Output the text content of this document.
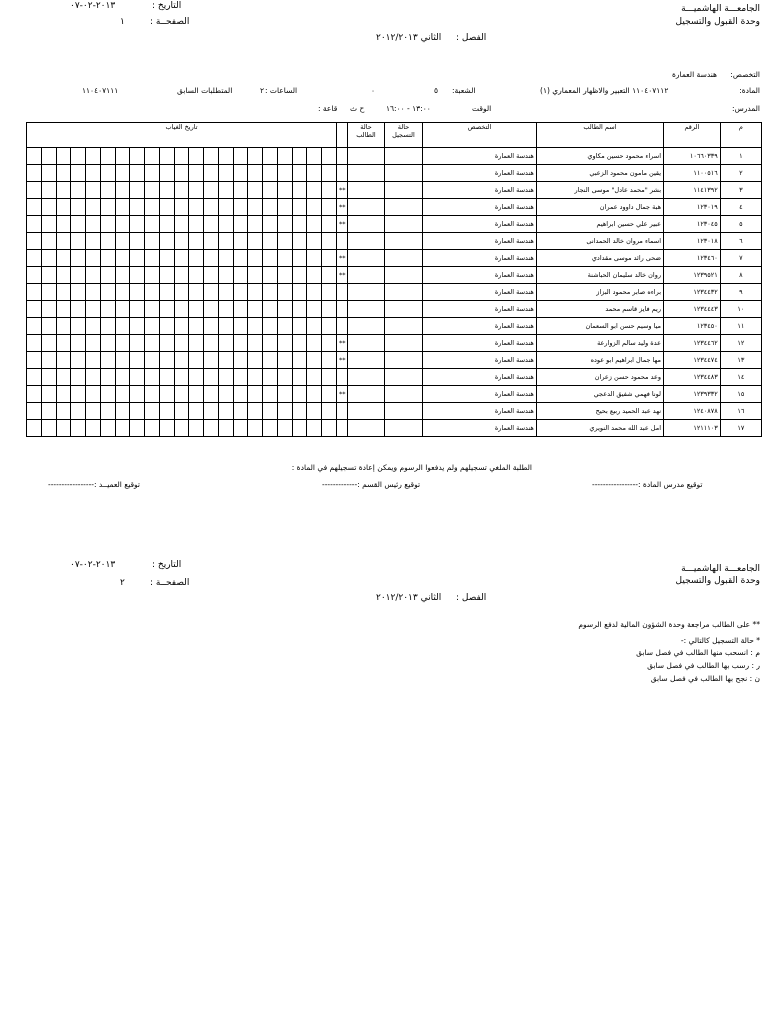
الجامعـــة الهاشميـــة
وحدة القبول والتسجيل
التاريخ :
٢٠١٣-٠٢-٠٧
الصفحــة :
١
الفصل :
الثاني ٢٠١٢/٢٠١٣
التخصص:
هندسة العمارة
المادة:
١١٠٤٠٧١١٢ التعبير والاظهار المعماري (١)
الشعبة:
٥
٠
الساعات :
٢
المتطلبات السابق
١١٠٤٠٧١١١
المدرس:
الوقت
١٣:٠٠ - ١٦:٠٠
ح ث
قاعة :
تاريخ الغياب																						حالة الطالب	حالة التسجيل	التخصص	اسم الطالب	الرقم	م
																								هندسة العمارة	اسراء محمود حسين مكاوي	١٠٦٦٠٣٣٩	١
																								هندسة العمارة	يقين مامون محمود الزعبي	١١٠٠٥١٦	٢
																					**			هندسة العمارة	بشر "محمد عادل" موسى النجار	١١٤١٣٩٢	٣
																					**			هندسة العمارة	هبة جمال داوود عمران	١٢٣٠١٩	٤
																					**			هندسة العمارة	عبير علي حسين ابراهيم	١٢٣٠٤٥	٥
																								هندسة العمارة	اسماء مروان خالد الحمدانى	١٢٣٠١٨	٦
																					**			هندسة العمارة	ضحى رائد موسى مقدادي	١٢٣٤٦٠	٧
																					**			هندسة العمارة	روان خالد سليمان الحباشنة	١٢٣٩٥٢١	٨
																								هندسة العمارة	براءه صابر محمود البزاز	١٢٣٤٤٣٢	٩
																								هندسة العمارة	ريم فايز قاسم محمد	١٢٣٤٤٤٣	١٠
																								هندسة العمارة	ميا وسيم حسن ابو السعمان	١٢٣٤٥٠	١١
																					**			هندسة العمارة	عدة وليد سالم الزوارعة	١٢٣٤٤٦٢	١٢
																					**			هندسة العمارة	مها جمال ابراهيم ابو عوده	١٢٣٤٤٧٤	١٣
																								هندسة العمارة	وعد محمود حسن زعران	١٢٣٤٤٨٣	١٤
																					**			هندسة العمارة	لونا فهمي شفيق الدعجي	١٢٣٩٣٣٢	١٥
																								هندسة العمارة	نهد عبد الحميد ربيع بحيح	١٢٤٠٨٧٨	١٦
																								هندسة العمارة	امل عبد الله محمد النويري	١٢١١١٠٣	١٧
الطلبة الملغي تسجيلهم ولم يدفعوا الرسوم ويمكن إعادة تسجيلهم في المادة :
توقيع مدرس المادة :-----------------
توقيع رئيس القسم :-------------
توقيع العميــد :-----------------
الجامعـــة الهاشميـــة
وحدة القبول والتسجيل
التاريخ :
٢٠١٣-٠٢-٠٧
الصفحــة :
٢
الفصل :
الثاني ٢٠١٢/٢٠١٣
** على الطالب مراجعة وحدة الشؤون المالية لدفع الرسوم
* حالة التسجيل كالتالي :-
م : انسحب منها الطالب في فصل سابق
ر : رسب بها الطالب في فصل سابق
ن : نجح بها الطالب في فصل سابق
